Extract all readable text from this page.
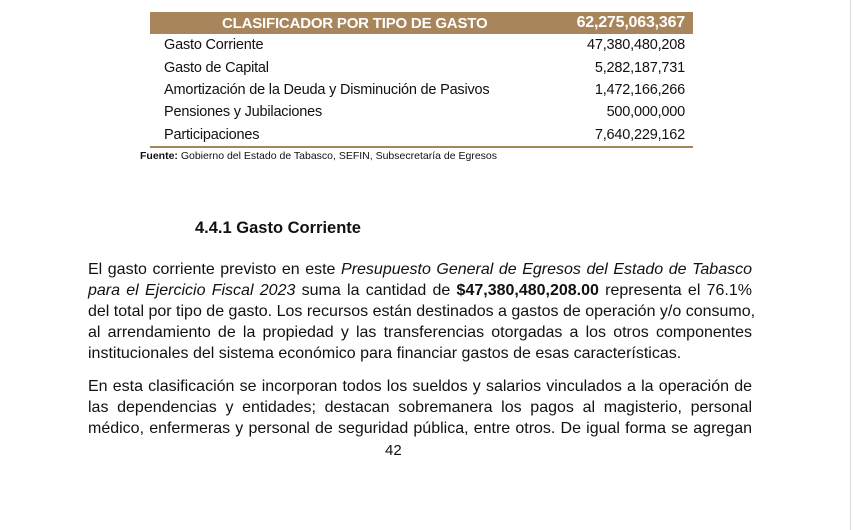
CLASIFICADOR POR TIPO DE GASTO	62,275,063,367
Gasto Corriente	47,380,480,208
Gasto de Capital	5,282,187,731
Amortización de la Deuda y Disminución de Pasivos	1,472,166,266
Pensiones y Jubilaciones	500,000,000
Participaciones	7,640,229,162
Fuente: Gobierno del Estado de Tabasco, SEFIN, Subsecretaría de Egresos
4.4.1 Gasto Corriente
El gasto corriente previsto en este Presupuesto General de Egresos del Estado de Tabasco
para el Ejercicio Fiscal 2023 suma la cantidad de $47,380,480,208.00 representa el 76.1%
del total por tipo de gasto. Los recursos están destinados a gastos de operación y/o consumo,
al arrendamiento de la propiedad y las transferencias otorgadas a los otros componentes
institucionales del sistema económico para financiar gastos de esas características.
En esta clasificación se incorporan todos los sueldos y salarios vinculados a la operación de
las dependencias y entidades; destacan sobremanera los pagos al magisterio, personal
médico, enfermeras y personal de seguridad pública, entre otros. De igual forma se agregan
42
